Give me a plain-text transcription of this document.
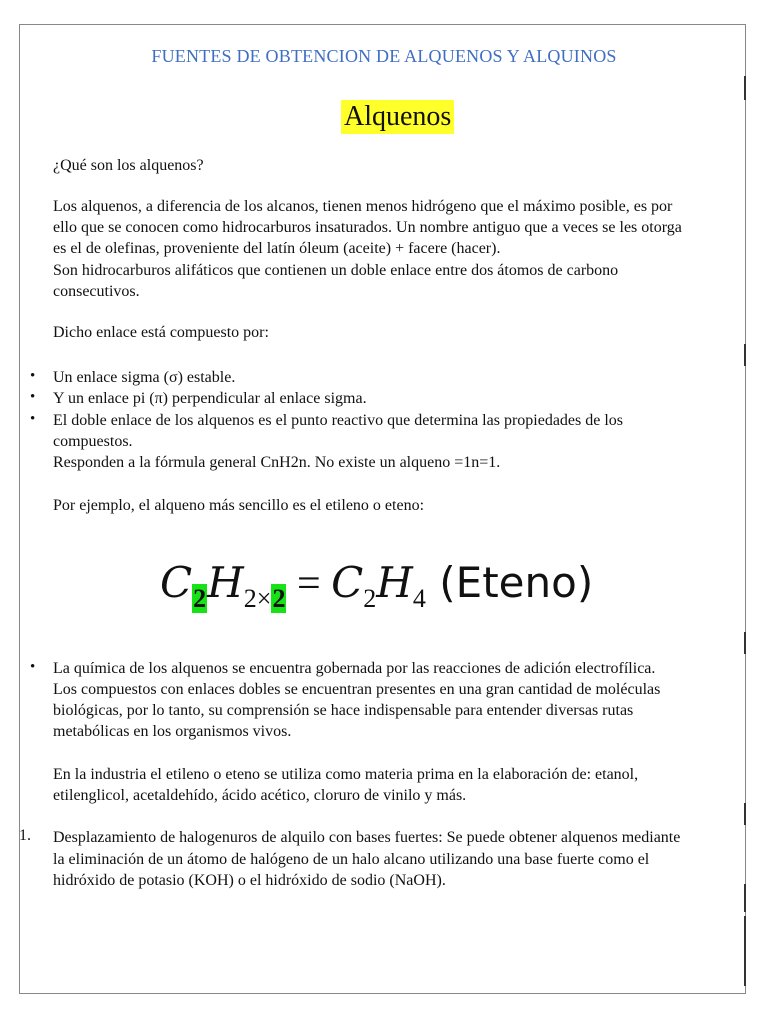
FUENTES DE OBTENCION DE ALQUENOS Y ALQUINOS
Alquenos
¿Qué son los alquenos?
Los alquenos, a diferencia de los alcanos, tienen menos hidrógeno que el máximo posible, es por
ello que se conocen como hidrocarburos insaturados. Un nombre antiguo que a veces se les otorga
es el de olefinas, proveniente del latín óleum (aceite) + facere (hacer).
Son hidrocarburos alifáticos que contienen un doble enlace entre dos átomos de carbono
consecutivos.
Dicho enlace está compuesto por:
• Un enlace sigma (σ) estable.
• Y un enlace pi (π) perpendicular al enlace sigma.
• El doble enlace de los alquenos es el punto reactivo que determina las propiedades de los
compuestos.
Responden a la fórmula general CnH2n. No existe un alqueno =1n=1.
Por ejemplo, el alqueno más sencillo es el etileno o eteno:
$C_2H_{2\times 2} = C_2H_4$ (Eteno)
• La química de los alquenos se encuentra gobernada por las reacciones de adición electrofílica.
Los compuestos con enlaces dobles se encuentran presentes en una gran cantidad de moléculas
biológicas, por lo tanto, su comprensión se hace indispensable para entender diversas rutas
metabólicas en los organismos vivos.
En la industria el etileno o eteno se utiliza como materia prima en la elaboración de: etanol,
etilenglicol, acetaldehído, ácido acético, cloruro de vinilo y más.
1. Desplazamiento de halogenuros de alquilo con bases fuertes: Se puede obtener alquenos mediante
la eliminación de un átomo de halógeno de un halo alcano utilizando una base fuerte como el
hidróxido de potasio (KOH) o el hidróxido de sodio (NaOH).
